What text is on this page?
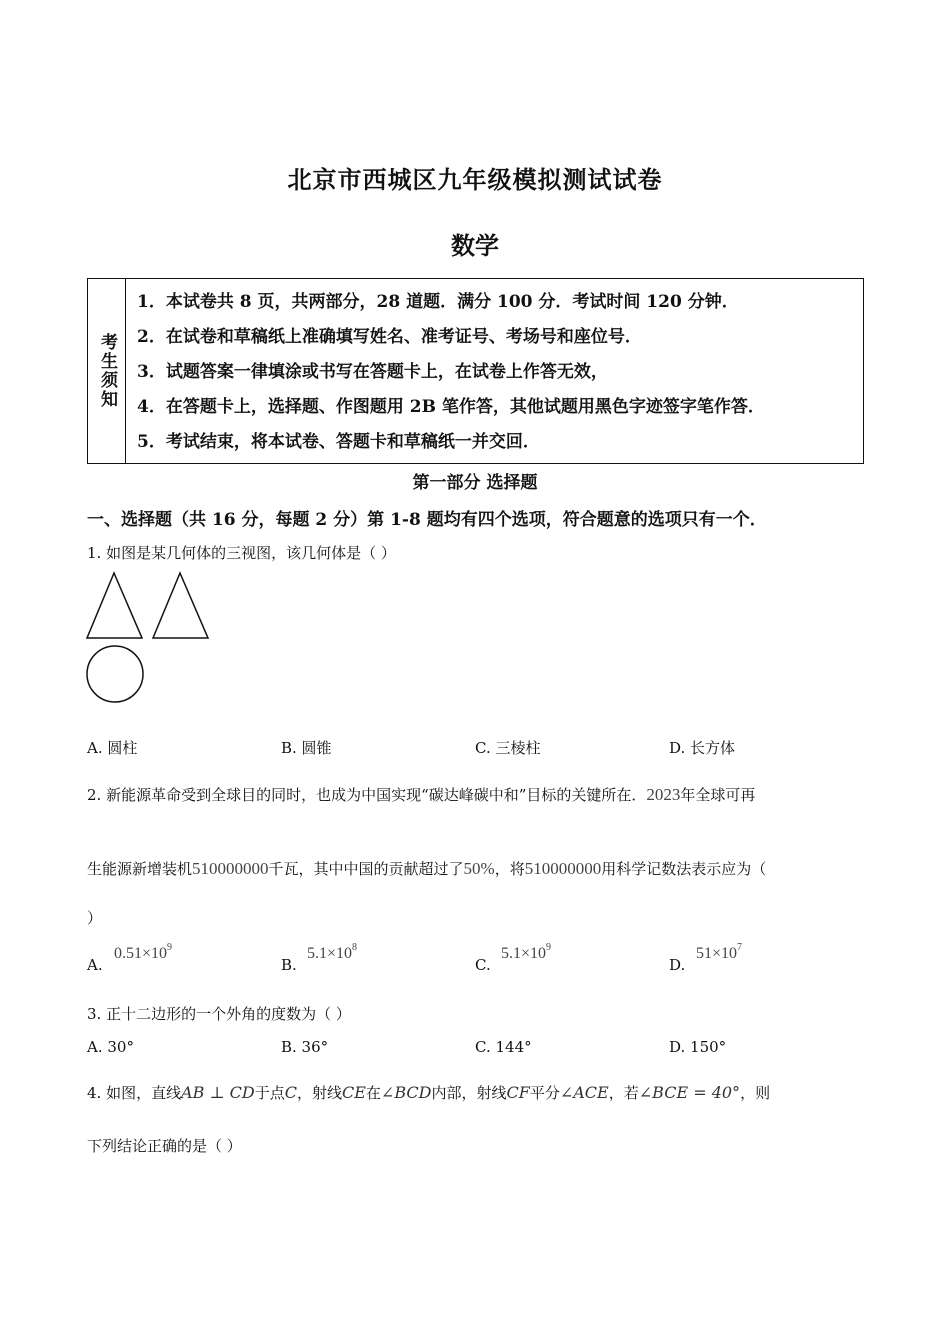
北京市西城区九年级模拟测试试卷
数学
考生须知
1．本试卷共 8 页，共两部分，28 道题．满分 100 分．考试时间 120 分钟．
2．在试卷和草稿纸上准确填写姓名、准考证号、考场号和座位号．
3．试题答案一律填涂或书写在答题卡上，在试卷上作答无效，
4．在答题卡上，选择题、作图题用 2B 笔作答，其他试题用黑色字迹签字笔作答．
5．考试结束，将本试卷、答题卡和草稿纸一并交回．
第一部分 选择题
一、选择题（共 16 分，每题 2 分）第 1-8 题均有四个选项，符合题意的选项只有一个．
1. 如图是某几何体的三视图，该几何体是（ ）
A. 圆柱	B. 圆锥	C. 三棱柱	D. 长方体
2. 新能源革命受到全球目的同时，也成为中国实现“碳达峰碳中和”目标的关键所在．2023年全球可再
生能源新增装机510000000千瓦，其中中国的贡献超过了50%，将510000000用科学记数法表示应为（
）
A.
$0.51\times 10^9$
B.
$5.1\times 10^8$
C.
$5.1\times 10^9$
D.
$51\times 10^7$
3. 正十二边形的一个外角的度数为（ ）
A. 30°	B. 36°	C. 144°	D. 150°
4. 如图，直线AB ⊥ CD于点C，射线CE在∠BCD内部，射线CF平分∠ACE，若∠BCE = 40°，则
下列结论正确的是（ ）
